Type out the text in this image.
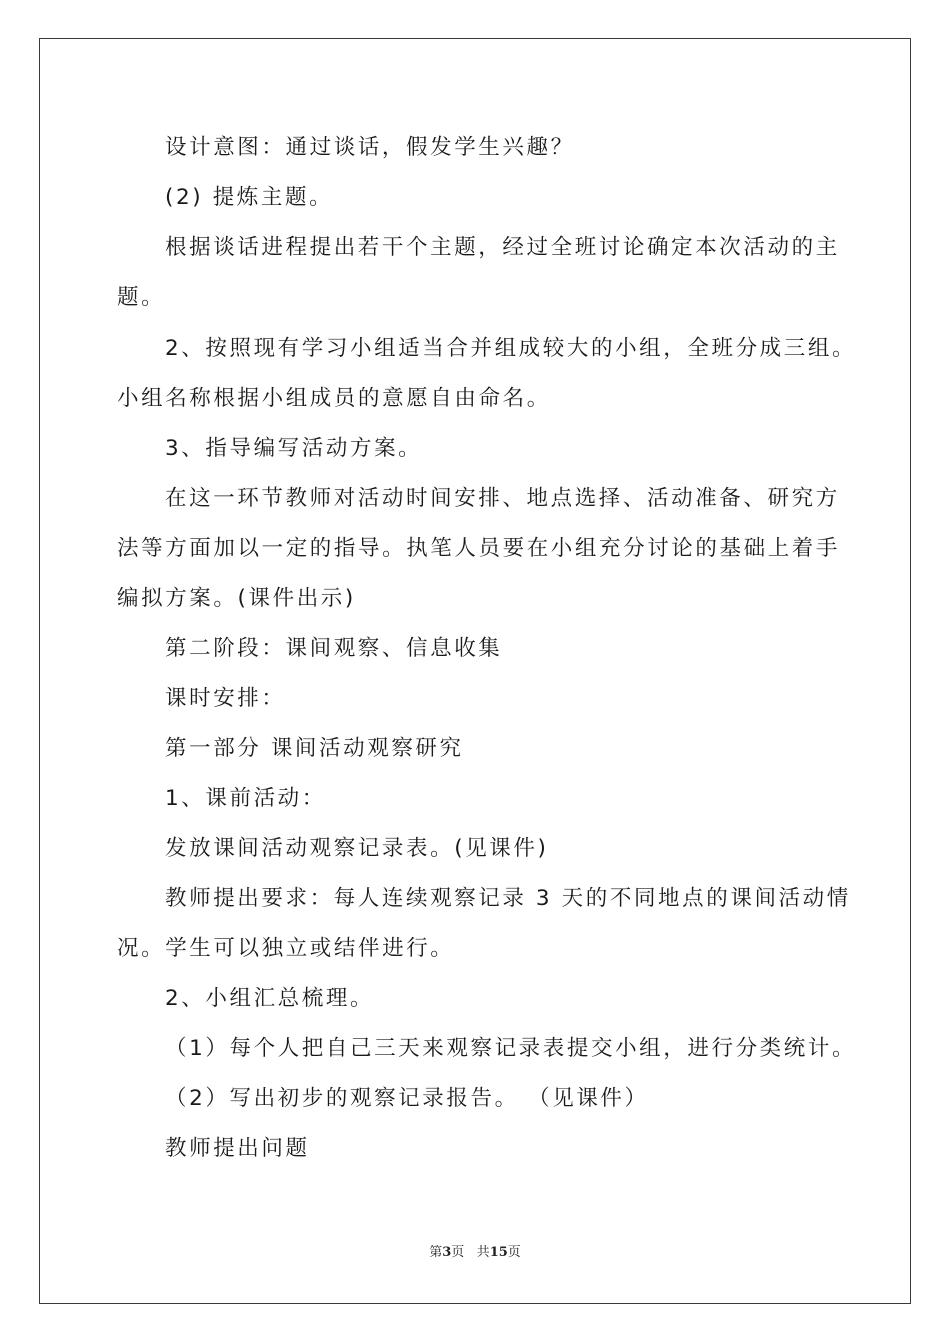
设计意图：通过谈话，假发学生兴趣？
(2) 提炼主题。
根据谈话进程提出若干个主题，经过全班讨论确定本次活动的主
题。
2、按照现有学习小组适当合并组成较大的小组，全班分成三组。
小组名称根据小组成员的意愿自由命名。
3、指导编写活动方案。
在这一环节教师对活动时间安排、地点选择、活动准备、研究方
法等方面加以一定的指导。执笔人员要在小组充分讨论的基础上着手
编拟方案。(课件出示)
第二阶段：课间观察、信息收集
课时安排：
第一部分 课间活动观察研究
1、课前活动：
发放课间活动观察记录表。(见课件)
教师提出要求：每人连续观察记录 3 天的不同地点的课间活动情
况。学生可以独立或结伴进行。
2、小组汇总梳理。
（1）每个人把自己三天来观察记录表提交小组，进行分类统计。
（2）写出初步的观察记录报告。 （见课件）
教师提出问题
第3页 共15页
